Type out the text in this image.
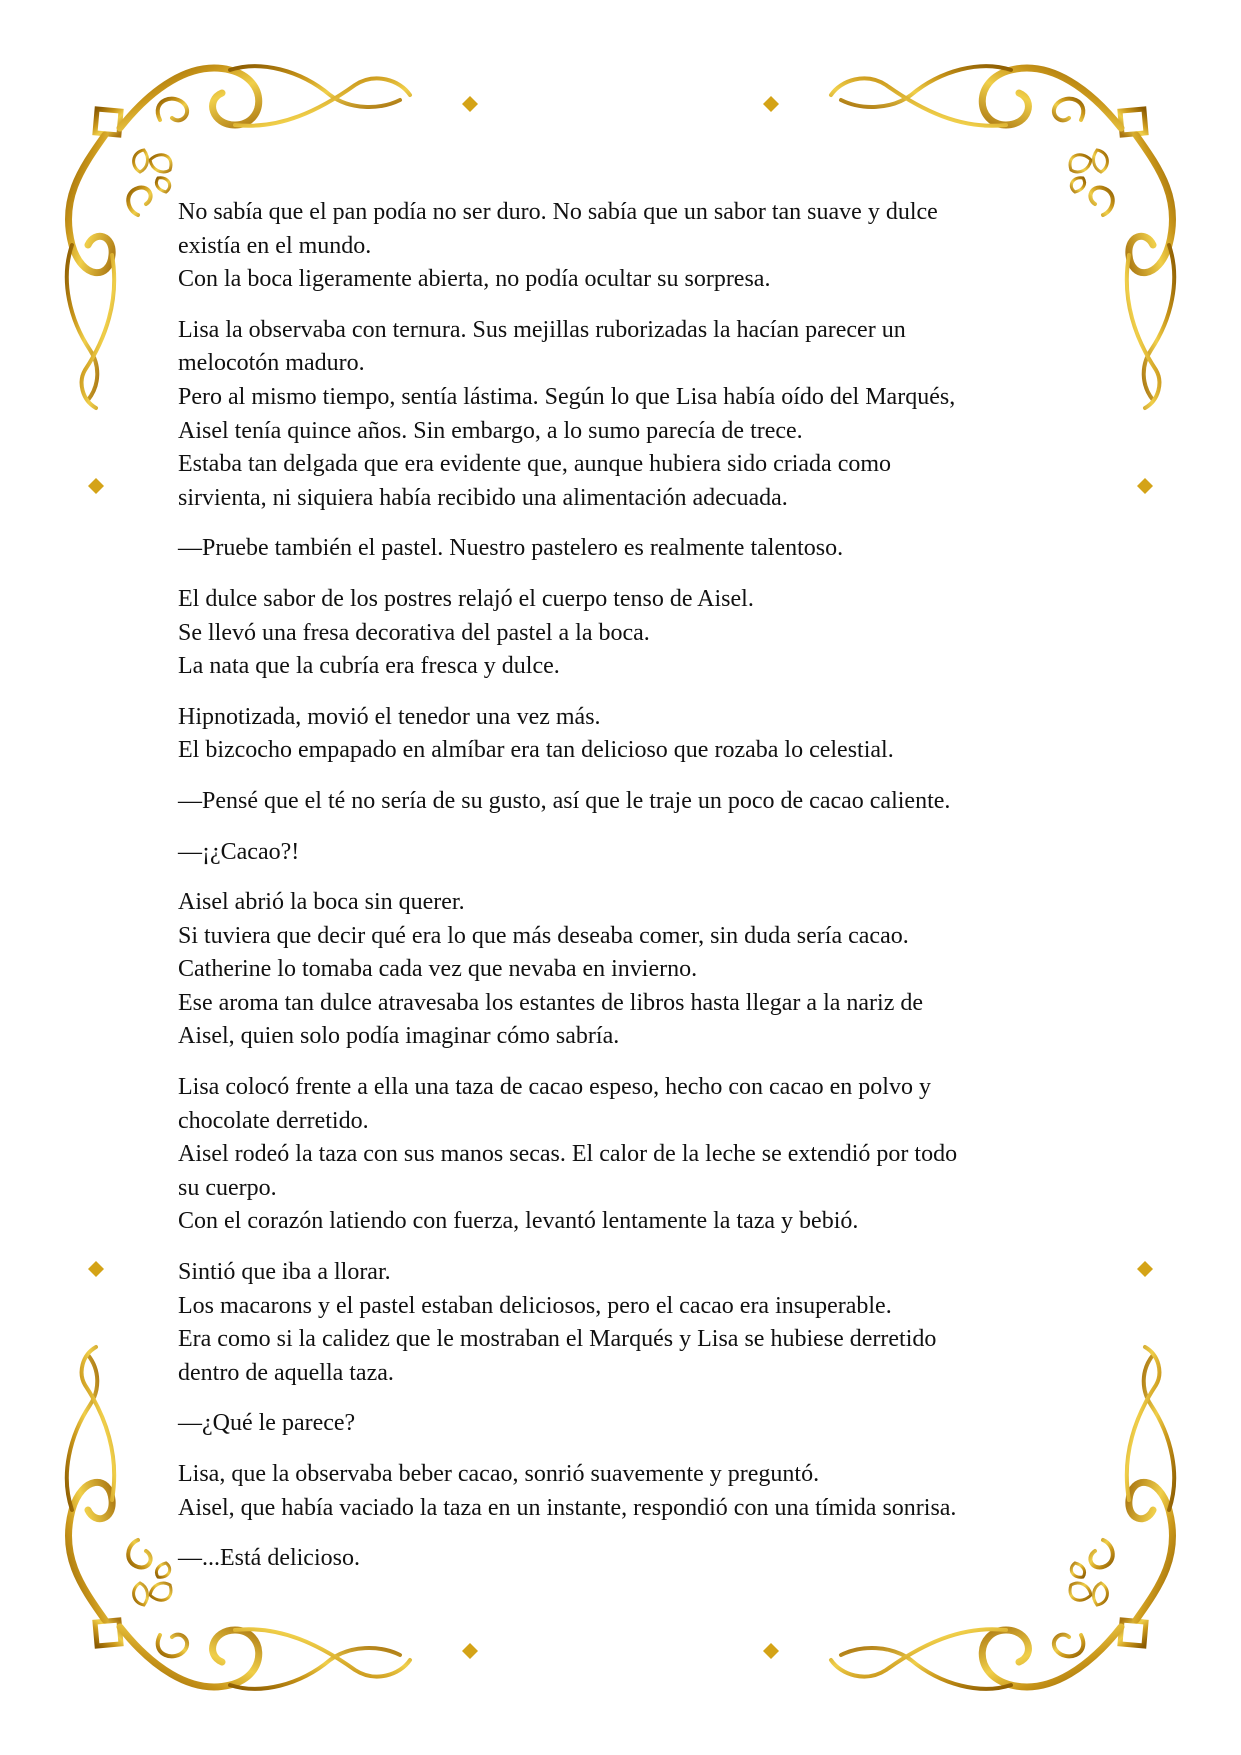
No sabía que el pan podía no ser duro. No sabía que un sabor tan suave y dulce
existía en el mundo.
Con la boca ligeramente abierta, no podía ocultar su sorpresa.

Lisa la observaba con ternura. Sus mejillas ruborizadas la hacían parecer un
melocotón maduro.
Pero al mismo tiempo, sentía lástima. Según lo que Lisa había oído del Marqués,
Aisel tenía quince años. Sin embargo, a lo sumo parecía de trece.
Estaba tan delgada que era evidente que, aunque hubiera sido criada como
sirvienta, ni siquiera había recibido una alimentación adecuada.

—Pruebe también el pastel. Nuestro pastelero es realmente talentoso.

El dulce sabor de los postres relajó el cuerpo tenso de Aisel.
Se llevó una fresa decorativa del pastel a la boca.
La nata que la cubría era fresca y dulce.

Hipnotizada, movió el tenedor una vez más.
El bizcocho empapado en almíbar era tan delicioso que rozaba lo celestial.

—Pensé que el té no sería de su gusto, así que le traje un poco de cacao caliente.

—¡¿Cacao?!

Aisel abrió la boca sin querer.
Si tuviera que decir qué era lo que más deseaba comer, sin duda sería cacao.
Catherine lo tomaba cada vez que nevaba en invierno.
Ese aroma tan dulce atravesaba los estantes de libros hasta llegar a la nariz de
Aisel, quien solo podía imaginar cómo sabría.

Lisa colocó frente a ella una taza de cacao espeso, hecho con cacao en polvo y
chocolate derretido.
Aisel rodeó la taza con sus manos secas. El calor de la leche se extendió por todo
su cuerpo.
Con el corazón latiendo con fuerza, levantó lentamente la taza y bebió.

Sintió que iba a llorar.
Los macarons y el pastel estaban deliciosos, pero el cacao era insuperable.
Era como si la calidez que le mostraban el Marqués y Lisa se hubiese derretido
dentro de aquella taza.

—¿Qué le parece?

Lisa, que la observaba beber cacao, sonrió suavemente y preguntó.
Aisel, que había vaciado la taza en un instante, respondió con una tímida sonrisa.

—...Está delicioso.
